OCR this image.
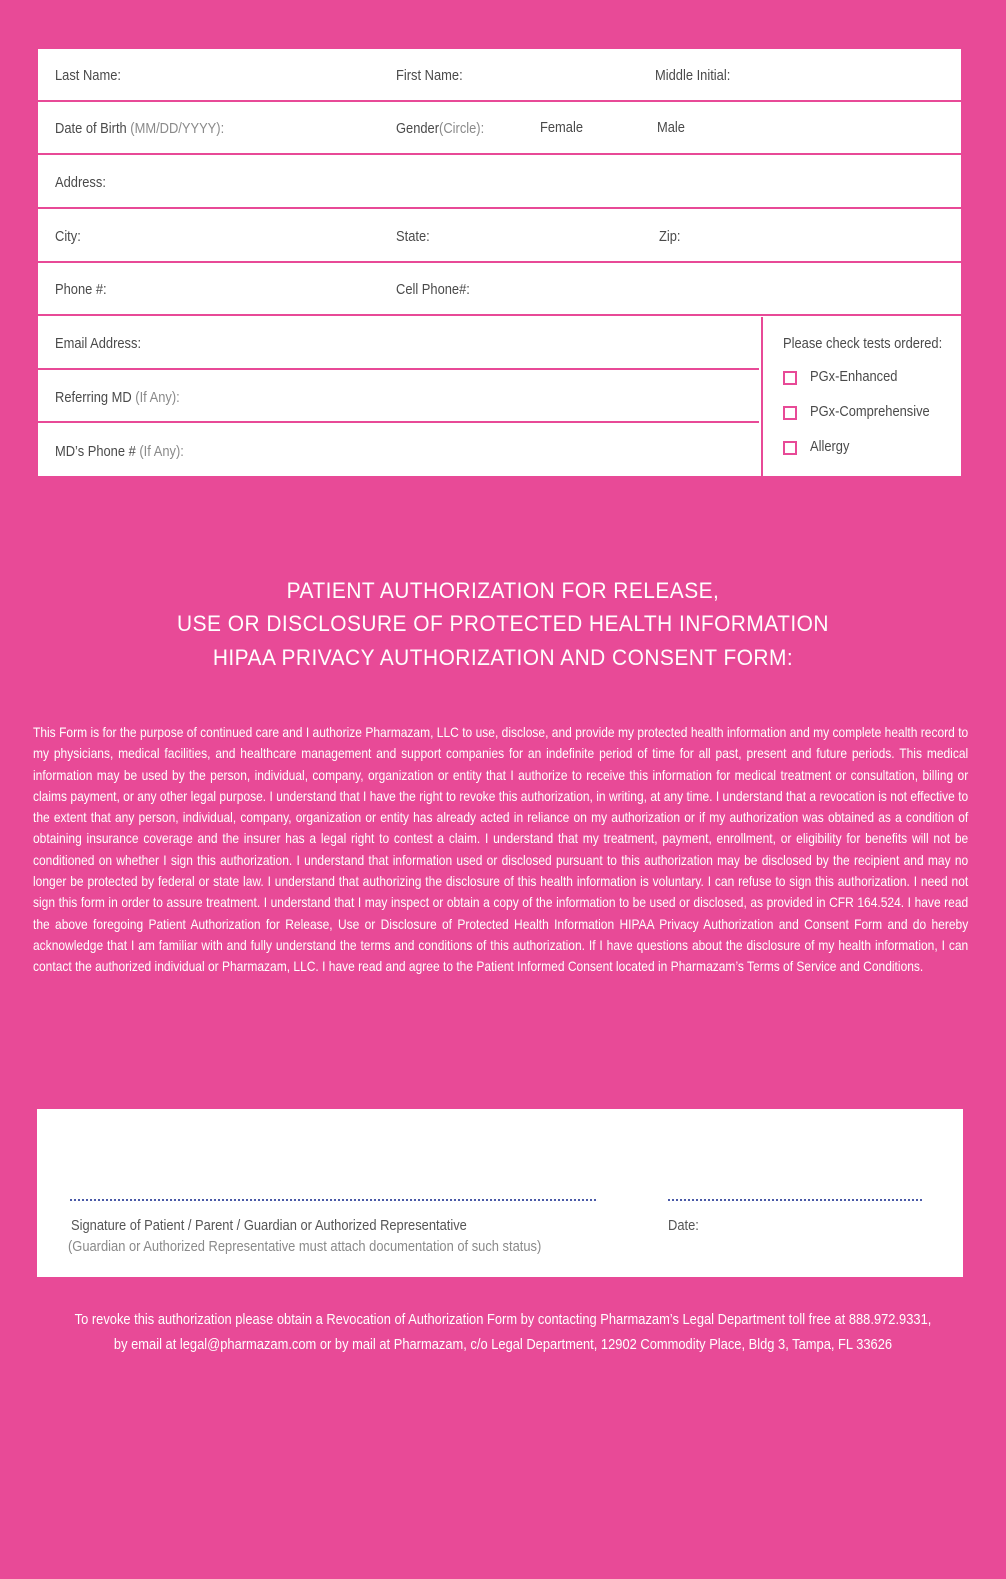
Last Name:	First Name:	Middle Initial:
Date of Birth (MM/DD/YYYY):	Gender(Circle):	Female	Male
Address:
City:	State:	Zip:
Phone #:	Cell Phone#:
Email Address:
Referring MD (If Any):
MD’s Phone # (If Any):
Please check tests ordered:
PGx-Enhanced
PGx-Comprehensive
Allergy
PATIENT AUTHORIZATION FOR RELEASE,
USE OR DISCLOSURE OF PROTECTED HEALTH INFORMATION
HIPAA PRIVACY AUTHORIZATION AND CONSENT FORM:
This Form is for the purpose of continued care and I authorize Pharmazam, LLC to use, disclose, and provide my protected health information and my complete health record to my physicians, medical facilities, and healthcare management and support companies for an indefinite period of time for all past, present and future periods. This medical information may be used by the person, individual, company, organization or entity that I authorize to receive this information for medical treatment or consultation, billing or claims payment, or any other legal purpose. I understand that I have the right to revoke this authorization, in writing, at any time. I understand that a revocation is not effective to the extent that any person, individual, company, organization or entity has already acted in reliance on my authorization or if my authorization was obtained as a condition of obtaining insurance coverage and the insurer has a legal right to contest a claim. I understand that my treatment, payment, enrollment, or eligibility for benefits will not be conditioned on whether I sign this authorization. I understand that information used or disclosed pursuant to this authorization may be disclosed by the recipient and may no longer be protected by federal or state law. I understand that authorizing the disclosure of this health information is voluntary. I can refuse to sign this authorization. I need not sign this form in order to assure treatment. I understand that I may inspect or obtain a copy of the information to be used or disclosed, as provided in CFR 164.524. I have read the above foregoing Patient Authorization for Release, Use or Disclosure of Protected Health Information HIPAA Privacy Authorization and Consent Form and do hereby acknowledge that I am familiar with and fully understand the terms and conditions of this authorization. If I have questions about the disclosure of my health information, I can contact the authorized individual or Pharmazam, LLC. I have read and agree to the Patient Informed Consent located in Pharmazam’s Terms of Service and Conditions.
Signature of Patient / Parent / Guardian or Authorized Representative
(Guardian or Authorized Representative must attach documentation of such status)
Date:
To revoke this authorization please obtain a Revocation of Authorization Form by contacting Pharmazam’s Legal Department toll free at 888.972.9331,
by email at legal@pharmazam.com or by mail at Pharmazam, c/o Legal Department, 12902 Commodity Place, Bldg 3, Tampa, FL 33626
